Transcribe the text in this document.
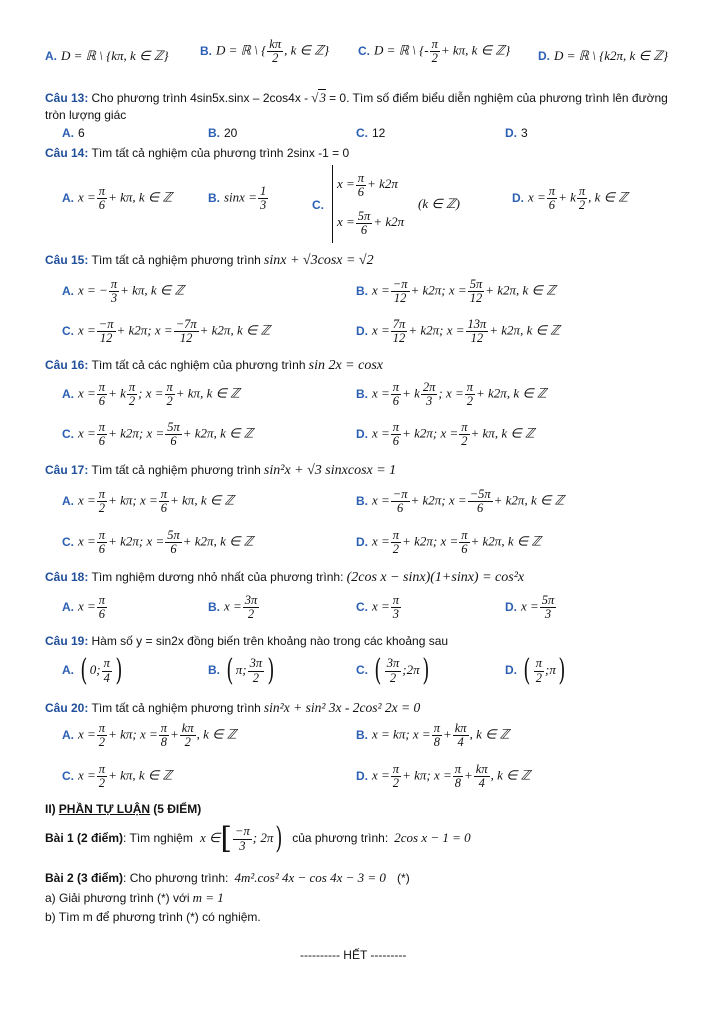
A. D = ℝ \ {kπ, k ∈ ℤ}	B. D = ℝ \ { $\frac{k\pi}{2}$ , k ∈ ℤ} C. D = ℝ \ {- $\frac{\pi}{2} + k\pi$, k ∈ ℤ} D. D = ℝ \ {k2π, k ∈ ℤ}
Câu 13: Cho phương trình 4sin5x.sinx – 2cos4x - √3 = 0. Tìm số điểm biểu diễn nghiệm của phương trình lên đường
tròn lượng giác
A. 6	B. 20	C. 12	D. 3
Câu 14: Tìm tất cả nghiệm của phương trình 2sinx -1 = 0
A. $x = \frac{\pi}{6} + k\pi$, k ∈ ℤ	B. $\sin x = \frac{1}{3}$	C.
$x = \frac{\pi}{6} + k2\pi$
$x = \frac{5\pi}{6} + k2\pi$
(k ∈ ℤ)	D. $x = \frac{\pi}{6} + k \frac{\pi}{2}$ , k ∈ ℤ
Câu 15: Tìm tất cả nghiệm phương trình sinx + √3cosx = √2
A. x = − $\frac{\pi}{3} + k\pi$, k ∈ ℤ	B. $x = \frac{-\pi}{12} + k2\pi$; $x = \frac{5\pi}{12} + k2\pi$, k ∈ ℤ
C. $x = \frac{-\pi}{12} + k2\pi$; $x = \frac{-7\pi}{12} + k2\pi$, k ∈ ℤ	D. $x = \frac{7\pi}{12} + k2\pi$; $x = \frac{13\pi}{12} + k2\pi$, k ∈ ℤ
Câu 16: Tìm tất cả các nghiệm của phương trình sin 2x = cosx
A. $x = \frac{\pi}{6} + k \frac{\pi}{2}$ ; $x = \frac{\pi}{2} + k\pi$, k ∈ ℤ	B. $x = \frac{\pi}{6} + k \frac{2\pi}{3}$ ; $x = \frac{\pi}{2} + k2\pi$, k ∈ ℤ
C. $x = \frac{\pi}{6} + k2\pi$; $x = \frac{5\pi}{6} + k2\pi$, k ∈ ℤ	D. $x = \frac{\pi}{6} + k2\pi$; $x = \frac{\pi}{2} + k\pi$, k ∈ ℤ
Câu 17: Tìm tất cả nghiệm phương trình sin²x + √3 sinxcosx = 1
A. $x = \frac{\pi}{2} + k\pi$; $x = \frac{\pi}{6} + k\pi$, k ∈ ℤ	B. $x = \frac{-\pi}{6} + k2\pi$; $x = \frac{-5\pi}{6} + k2\pi$, k ∈ ℤ
C. $x = \frac{\pi}{6} + k2\pi$; $x = \frac{5\pi}{6} + k2\pi$, k ∈ ℤ	D. $x = \frac{\pi}{2} + k2\pi$; $x = \frac{\pi}{6} + k2\pi$, k ∈ ℤ
Câu 18: Tìm nghiệm dương nhỏ nhất của phương trình: (2cos x − sinx)(1+sinx) = cos²x
A. $x = \frac{\pi}{6}$	B. $x = \frac{3\pi}{2}$	C. $x = \frac{\pi}{3}$	D. $x = \frac{5\pi}{3}$
Câu 19: Hàm số y = sin2x đồng biến trên khoảng nào trong các khoảng sau
A. ( 0; $\frac{\pi}{4}$ )	B. ( π; $\frac{3\pi}{2}$ )	C. ( $\frac{3\pi}{2}$ ;2π)	D. ( $\frac{\pi}{2}$ ;π)
Câu 20: Tìm tất cả nghiệm phương trình sin²x + sin² 3x - 2cos² 2x = 0
A. $x = \frac{\pi}{2} + k\pi$; $x = \frac{\pi}{8} + \frac{k\pi}{2}$ , k ∈ ℤ	B. x = kπ; $x = \frac{\pi}{8} + \frac{k\pi}{4}$ , k ∈ ℤ
C. $x = \frac{\pi}{2} + k\pi$, k ∈ ℤ	D. $x = \frac{\pi}{2} + k\pi$; $x = \frac{\pi}{8} + \frac{k\pi}{4}$ , k ∈ ℤ
II) PHẦN TỰ LUẬN (5 ĐIỂM)
Bài 1 (2 điểm): Tìm nghiệm x ∈[ $\frac{-\pi}{3}$ ; 2π) của phương trình: 2cos x − 1 = 0
Bài 2 (3 điểm): Cho phương trình: 4m².cos² 4x − cos 4x − 3 = 0 (*)
a) Giải phương trình (*) với m = 1
b) Tìm m để phương trình (*) có nghiệm.
---------- HẾT ---------
